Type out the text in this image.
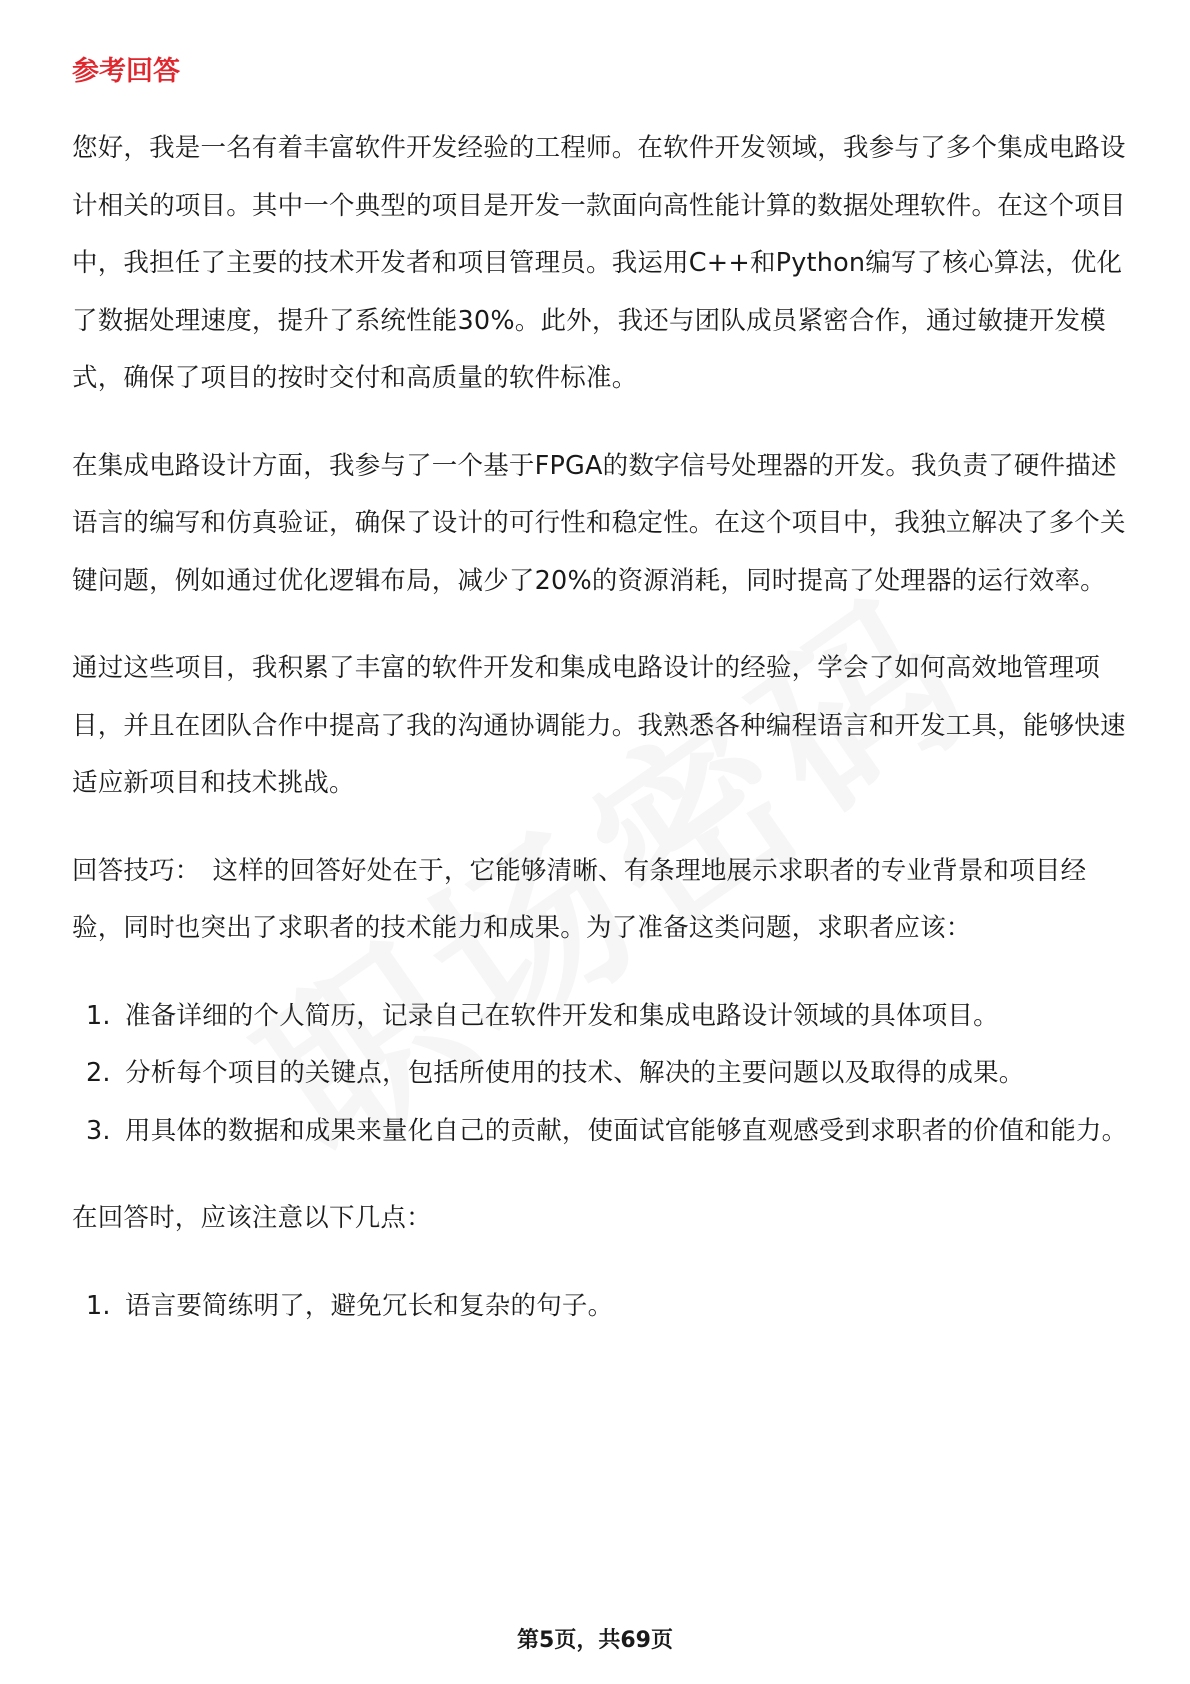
参考回答

您好，我是一名有着丰富软件开发经验的工程师。在软件开发领域，我参与了多个集成电路设计相关的项目。其中一个典型的项目是开发一款面向高性能计算的数据处理软件。在这个项目中，我担任了主要的技术开发者和项目管理员。我运用C++和Python编写了核心算法，优化了数据处理速度，提升了系统性能30%。此外，我还与团队成员紧密合作，通过敏捷开发模式，确保了项目的按时交付和高质量的软件标准。

在集成电路设计方面，我参与了一个基于FPGA的数字信号处理器的开发。我负责了硬件描述语言的编写和仿真验证，确保了设计的可行性和稳定性。在这个项目中，我独立解决了多个关键问题，例如通过优化逻辑布局，减少了20%的资源消耗，同时提高了处理器的运行效率。

通过这些项目，我积累了丰富的软件开发和集成电路设计的经验，学会了如何高效地管理项目，并且在团队合作中提高了我的沟通协调能力。我熟悉各种编程语言和开发工具，能够快速适应新项目和技术挑战。

回答技巧： 这样的回答好处在于，它能够清晰、有条理地展示求职者的专业背景和项目经验，同时也突出了求职者的技术能力和成果。为了准备这类问题，求职者应该：

1. 准备详细的个人简历，记录自己在软件开发和集成电路设计领域的具体项目。
2. 分析每个项目的关键点，包括所使用的技术、解决的主要问题以及取得的成果。
3. 用具体的数据和成果来量化自己的贡献，使面试官能够直观感受到求职者的价值和能力。

在回答时，应该注意以下几点：

1. 语言要简练明了，避免冗长和复杂的句子。
第5页，共69页
